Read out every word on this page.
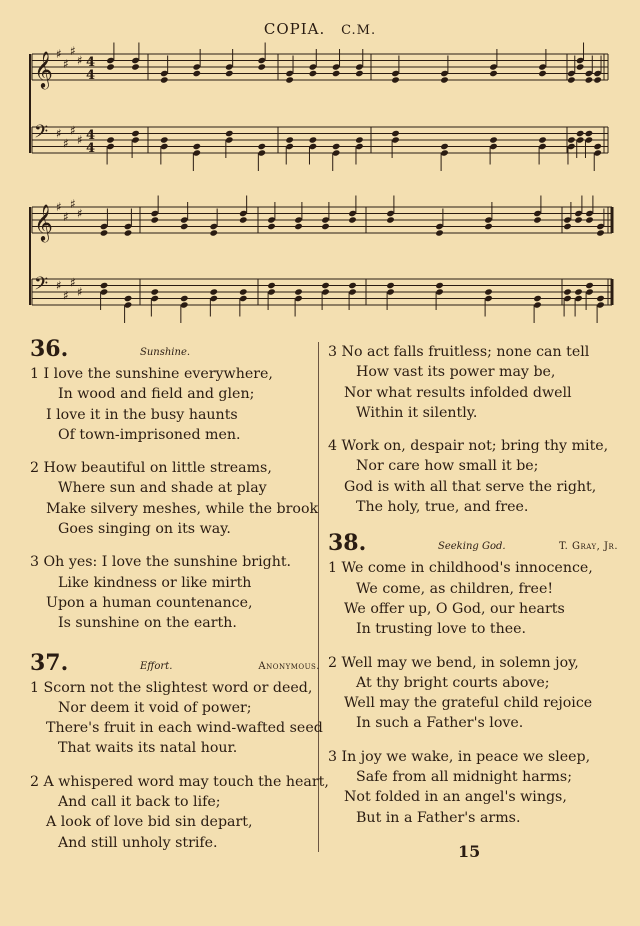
COPIA. C.M.
𝄞 ♯
♯
♯
♯ 4
4
𝄢 ♯
♯
♯
♯ 4
4
𝄞 ♯
♯
♯
♯
𝄢 ♯
♯
♯
♯
36.	Sunshine.
1 I love the sunshine everywhere,
In wood and field and glen;
I love it in the busy haunts
Of town-imprisoned men.
2 How beautiful on little streams,
Where sun and shade at play
Make silvery meshes, while the brook
Goes singing on its way.
3 Oh yes: I love the sunshine bright.
Like kindness or like mirth
Upon a human countenance,
Is sunshine on the earth.
37.	Effort.	Anonymous.
1 Scorn not the slightest word or deed,
Nor deem it void of power;
There's fruit in each wind-wafted seed
That waits its natal hour.
2 A whispered word may touch the heart,
And call it back to life;
A look of love bid sin depart,
And still unholy strife.
3 No act falls fruitless; none can tell
How vast its power may be,
Nor what results infolded dwell
Within it silently.
4 Work on, despair not; bring thy mite,
Nor care how small it be;
God is with all that serve the right,
The holy, true, and free.
38.	Seeking God.	T. Gray, Jr.
1 We come in childhood's innocence,
We come, as children, free!
We offer up, O God, our hearts
In trusting love to thee.
2 Well may we bend, in solemn joy,
At thy bright courts above;
Well may the grateful child rejoice
In such a Father's love.
3 In joy we wake, in peace we sleep,
Safe from all midnight harms;
Not folded in an angel's wings,
But in a Father's arms.
15
